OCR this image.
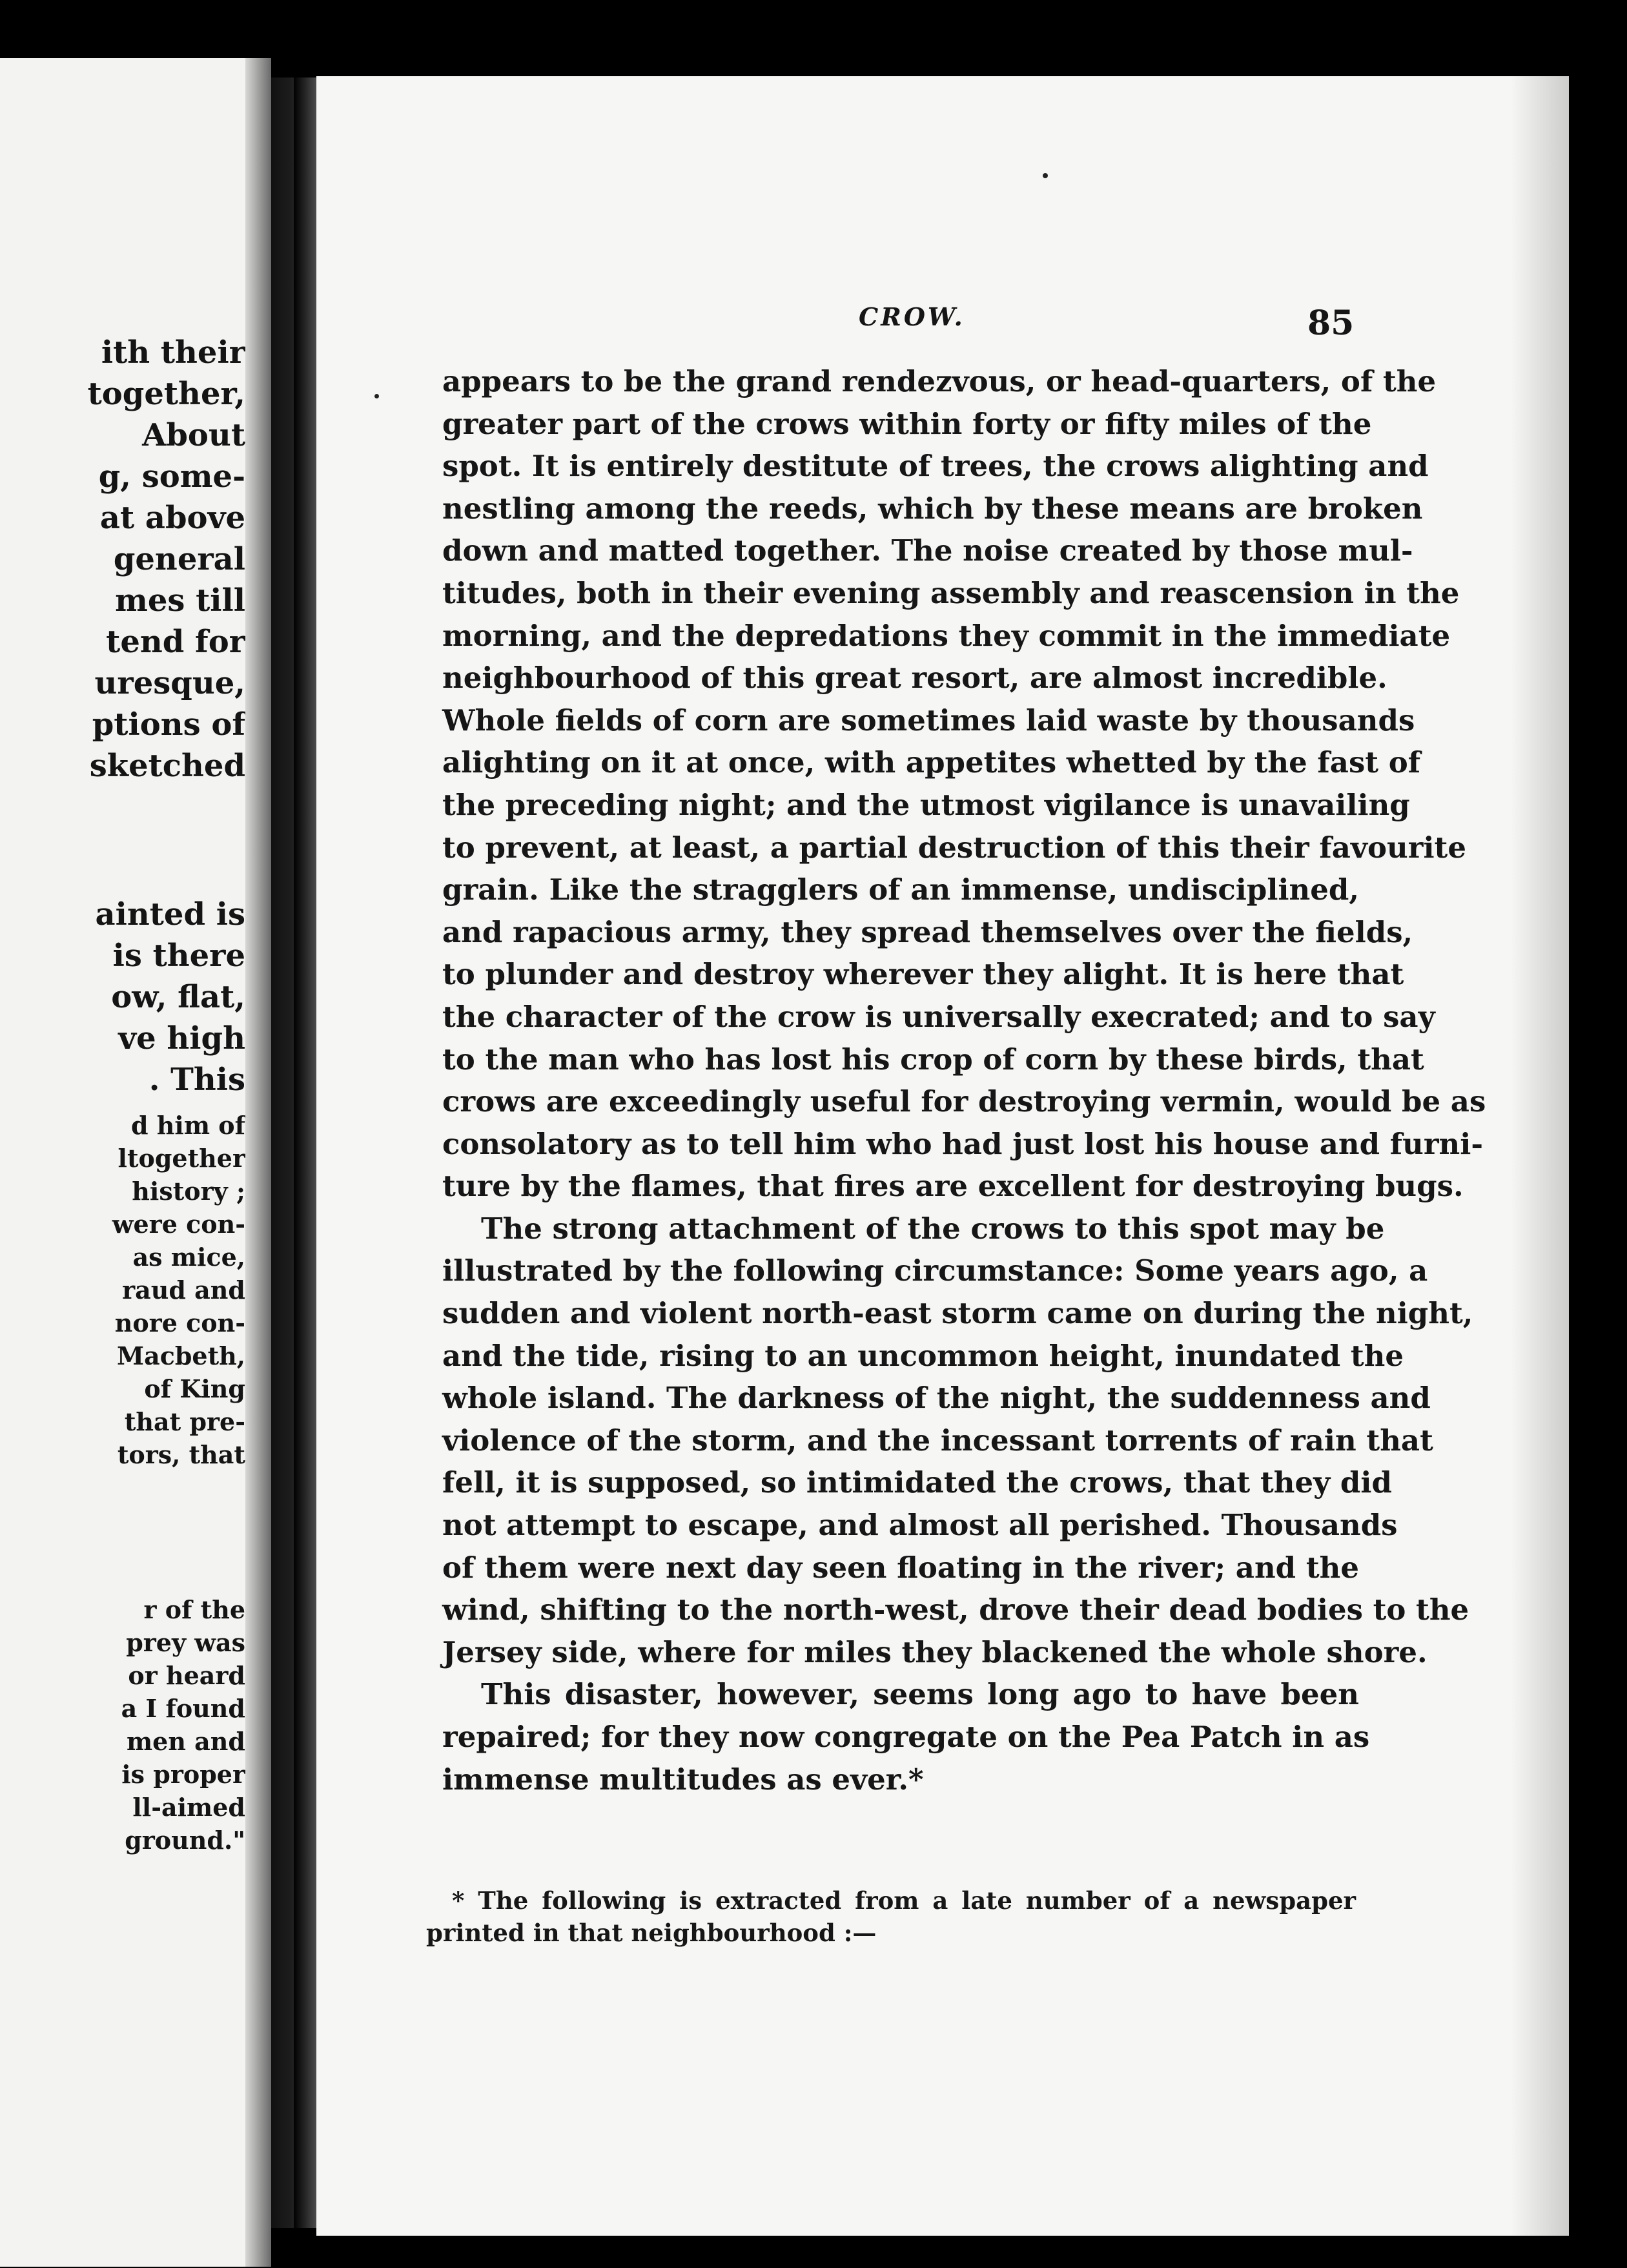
ith their
together,
About
g, some-
at above
general
mes till
tend for
uresque,
ptions of
sketched
ainted is
is there
ow, flat,
ve high
. This
d him of
ltogether
history ;
were con-
as mice,
raud and
nore con-
Macbeth,
of King
that pre-
tors, that
r of the
prey was
or heard
a I found
men and
is proper
ll-aimed
ground."
CROW.	85
appears to be the grand rendezvous, or head-quarters, of the
greater part of the crows within forty or fifty miles of the
spot. It is entirely destitute of trees, the crows alighting and
nestling among the reeds, which by these means are broken
down and matted together. The noise created by those mul-
titudes, both in their evening assembly and reascension in the
morning, and the depredations they commit in the immediate
neighbourhood of this great resort, are almost incredible.
Whole fields of corn are sometimes laid waste by thousands
alighting on it at once, with appetites whetted by the fast of
the preceding night; and the utmost vigilance is unavailing
to prevent, at least, a partial destruction of this their favourite
grain. Like the stragglers of an immense, undisciplined,
and rapacious army, they spread themselves over the fields,
to plunder and destroy wherever they alight. It is here that
the character of the crow is universally execrated; and to say
to the man who has lost his crop of corn by these birds, that
crows are exceedingly useful for destroying vermin, would be as
consolatory as to tell him who had just lost his house and furni-
ture by the flames, that fires are excellent for destroying bugs.
The strong attachment of the crows to this spot may be
illustrated by the following circumstance: Some years ago, a
sudden and violent north-east storm came on during the night,
and the tide, rising to an uncommon height, inundated the
whole island. The darkness of the night, the suddenness and
violence of the storm, and the incessant torrents of rain that
fell, it is supposed, so intimidated the crows, that they did
not attempt to escape, and almost all perished. Thousands
of them were next day seen floating in the river; and the
wind, shifting to the north-west, drove their dead bodies to the
Jersey side, where for miles they blackened the whole shore.
This disaster, however, seems long ago to have been
repaired; for they now congregate on the Pea Patch in as
immense multitudes as ever.*
* The following is extracted from a late number of a newspaper
printed in that neighbourhood :—
